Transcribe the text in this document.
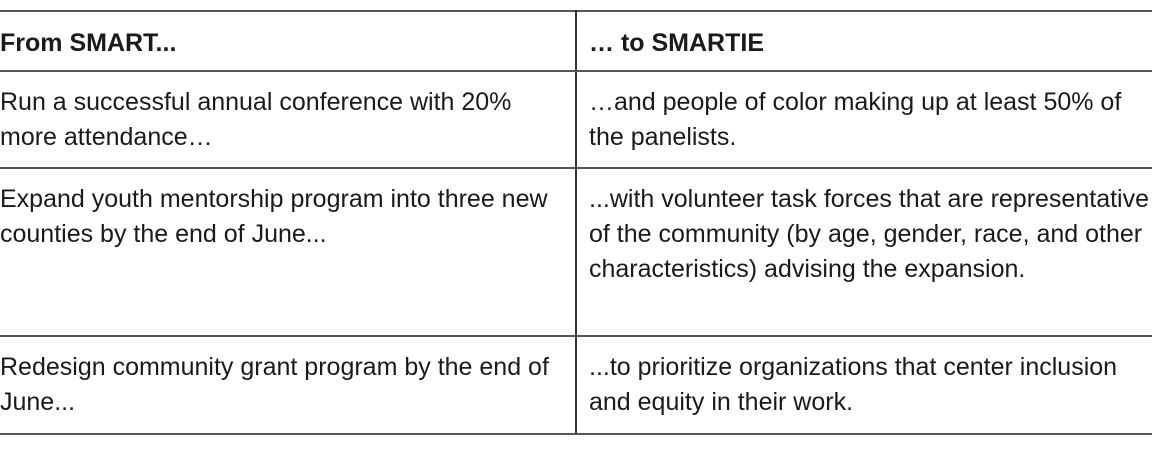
From SMART...	… to SMARTIE
Run a successful annual conference with 20% more attendance…	…and people of color making up at least 50% of the panelists.
Expand youth mentorship program into three new counties by the end of June...	...with volunteer task forces that are representative of the community (by age, gender, race, and other characteristics) advising the expansion.
Redesign community grant program by the end of June...	...to prioritize organizations that center inclusion and equity in their work.
